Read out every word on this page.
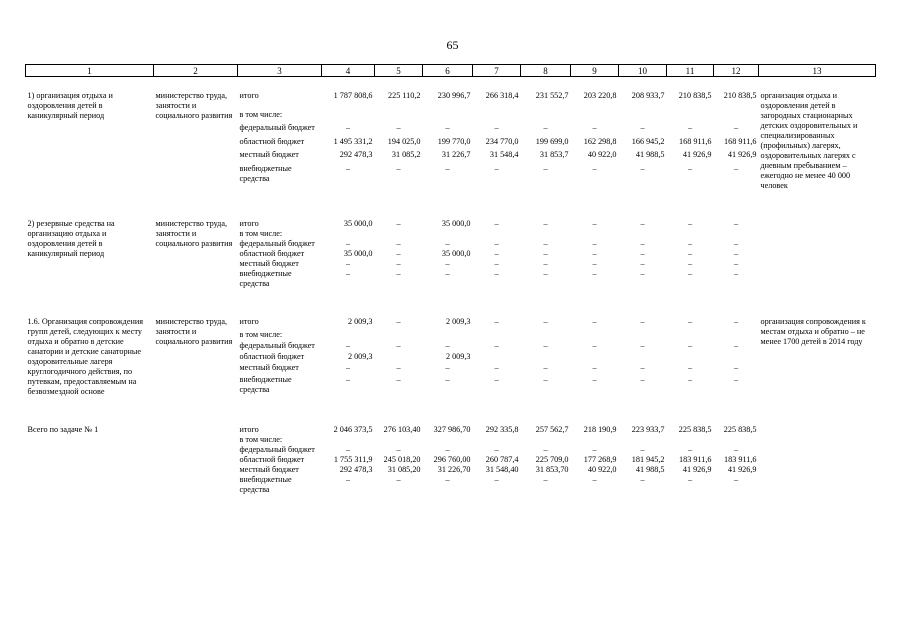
65
1	2	3	4	5	6	7	8	9	10	11	12	13
1) организация отдыха и оздоровления детей в каникулярный период	министерство труда, занятости и социального развития	итого	1 787 808,6	225 110,2	230 996,7	266 318,4	231 552,7	203 220,8	208 933,7	210 838,5	210 838,5	организация отдыха и оздоровления детей в загородных стационарных детских оздоровительных и специализированных (профильных) лагерях, оздоровительных лагерях с дневным пребыванием – ежегодно не менее 40 000 человек
		в том числе:										
		федеральный бюджет	–	–	–	–	–	–	–	–	–	
		областной бюджет	1 495 331,2	194 025,0	199 770,0	234 770,0	199 699,0	162 298,8	166 945,2	168 911,6	168 911,6	
		местный бюджет	292 478,3	31 085,2	31 226,7	31 548,4	31 853,7	40 922,0	41 988,5	41 926,9	41 926,9	
		внебюджетные средства	–	–	–	–	–	–	–	–	–	

2) резервные средства на организацию отдыха и оздоровления детей в каникулярный период	министерство труда, занятости и социального развития	итого	35 000,0	–	35 000,0	–	–	–	–	–	–	
		в том числе:										
		федеральный бюджет	–	–	–	–	–	–	–	–	–	
		областной бюджет	35 000,0	–	35 000,0	–	–	–	–	–	–	
		местный бюджет	–	–	–	–	–	–	–	–	–	
		внебюджетные средства	–	–	–	–	–	–	–	–	–	

1.6. Организация сопровождения групп детей, следующих к месту отдыха и обратно в детские санатории и детские санаторные оздоровительные лагеря круглогодичного действия, по путевкам, предоставляемым на безвозмездной основе	министерство труда, занятости и социального развития	итого	2 009,3	–	2 009,3	–	–	–	–	–	–	организация сопровождения к местам отдыха и обратно – не менее 1700 детей в 2014 году
		в том числе:										
		федеральный бюджет	–	–	–	–	–	–	–	–	–	
		областной бюджет	2 009,3		2 009,3							
		местный бюджет	–	–	–	–	–	–	–	–	–	
		внебюджетные средства	–	–	–	–	–	–	–	–	–	

Всего по задаче № 1		итого	2 046 373,5	276 103,40	327 986,70	292 335,8	257 562,7	218 190,9	223 933,7	225 838,5	225 838,5	
		в том числе:										
		федеральный бюджет	–	–	–	–	–	–	–	–	–	
		областной бюджет	1 755 311,9	245 018,20	296 760,00	260 787,4	225 709,0	177 268,9	181 945,2	183 911,6	183 911,6	
		местный бюджет	292 478,3	31 085,20	31 226,70	31 548,40	31 853,70	40 922,0	41 988,5	41 926,9	41 926,9	
		внебюджетные средства	–	–	–	–	–	–	–	–	–	
